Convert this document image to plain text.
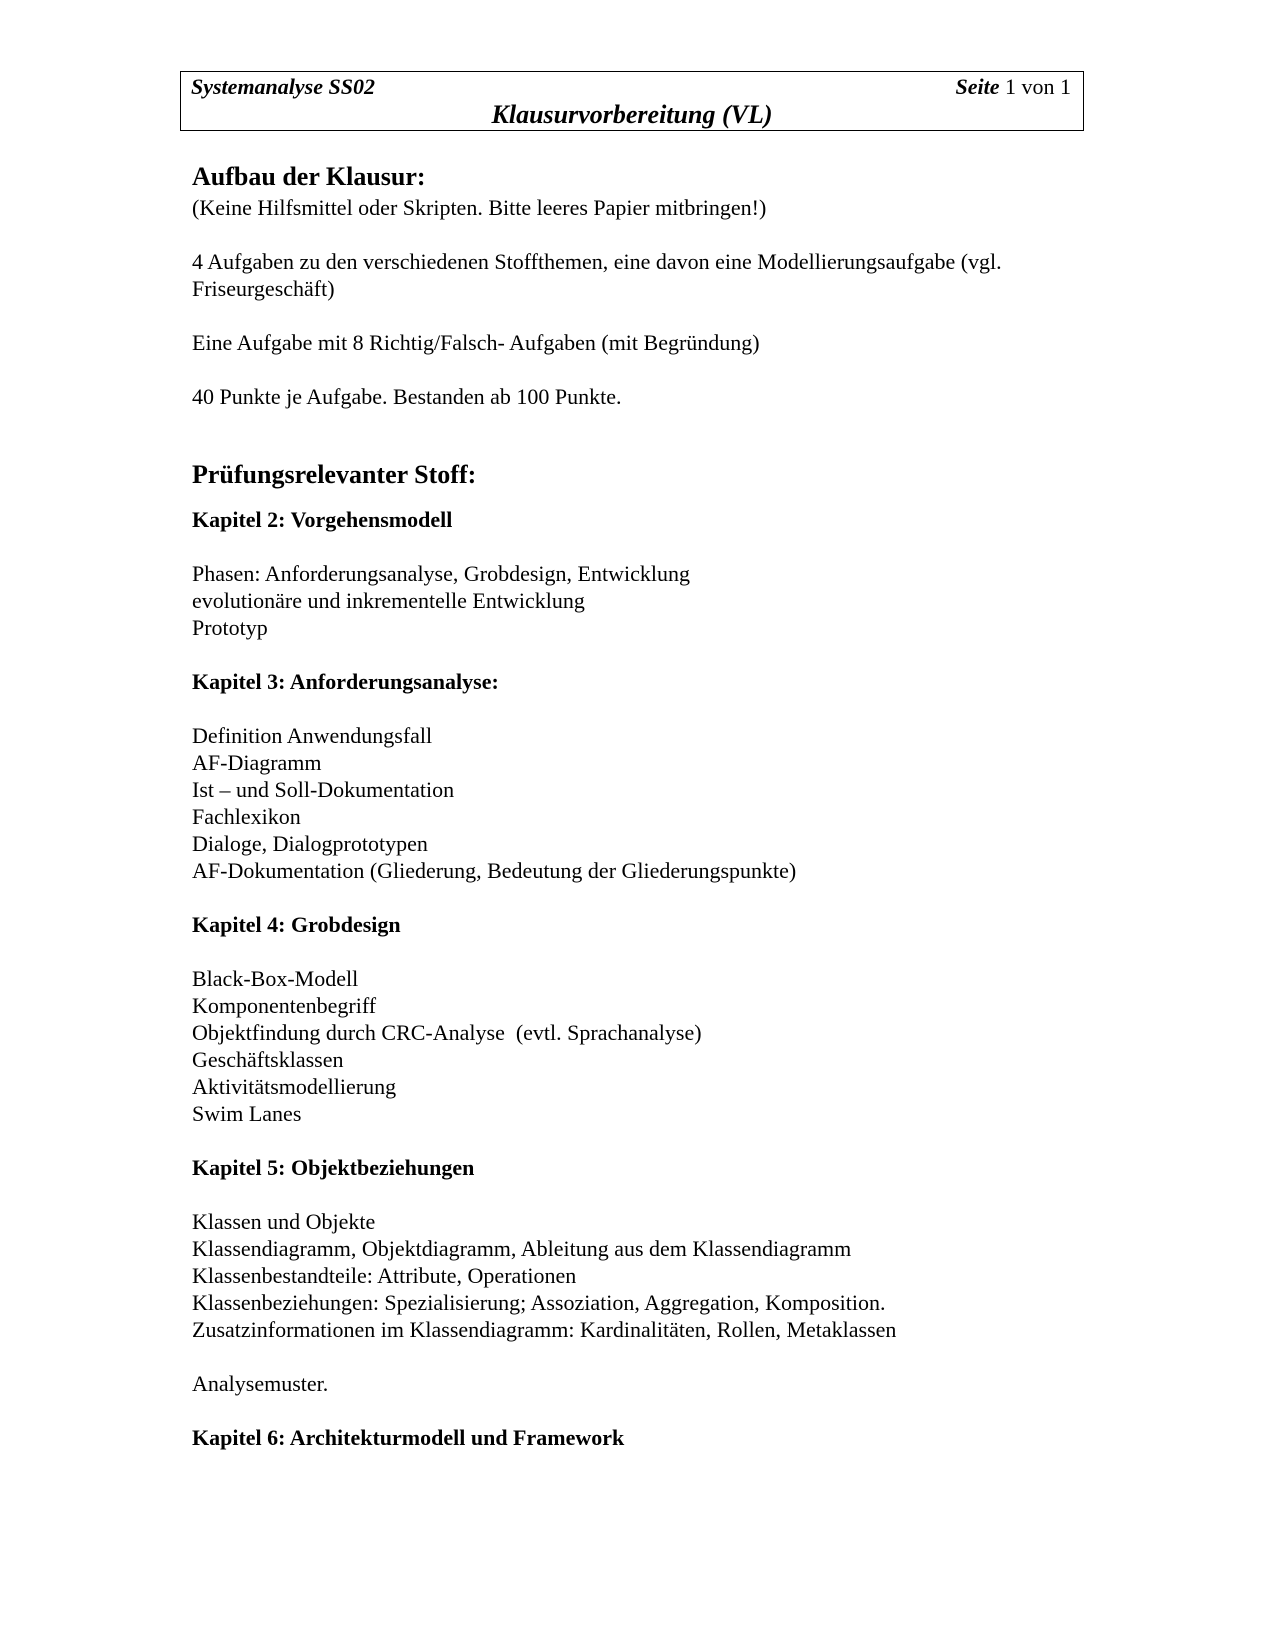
Systemanalyse SS02	Seite 1 von 1
Klausurvorbereitung (VL)

Aufbau der Klausur:

(Keine Hilfsmittel oder Skripten. Bitte leeres Papier mitbringen!)

4 Aufgaben zu den verschiedenen Stoffthemen, eine davon eine Modellierungsaufgabe (vgl.

Friseurgeschäft)

Eine Aufgabe mit 8 Richtig/Falsch- Aufgaben (mit Begründung)

40 Punkte je Aufgabe. Bestanden ab 100 Punkte.

Prüfungsrelevanter Stoff:

Kapitel 2: Vorgehensmodell

Phasen: Anforderungsanalyse, Grobdesign, Entwicklung

evolutionäre und inkrementelle Entwicklung

Prototyp

Kapitel 3: Anforderungsanalyse:

Definition Anwendungsfall

AF-Diagramm

Ist – und Soll-Dokumentation

Fachlexikon

Dialoge, Dialogprototypen

AF-Dokumentation (Gliederung, Bedeutung der Gliederungspunkte)

Kapitel 4: Grobdesign

Black-Box-Modell

Komponentenbegriff

Objektfindung durch CRC-Analyse  (evtl. Sprachanalyse)

Geschäftsklassen

Aktivitätsmodellierung

Swim Lanes

Kapitel 5: Objektbeziehungen

Klassen und Objekte

Klassendiagramm, Objektdiagramm, Ableitung aus dem Klassendiagramm

Klassenbestandteile: Attribute, Operationen

Klassenbeziehungen: Spezialisierung; Assoziation, Aggregation, Komposition.

Zusatzinformationen im Klassendiagramm: Kardinalitäten, Rollen, Metaklassen

Analysemuster.

Kapitel 6: Architekturmodell und Framework
